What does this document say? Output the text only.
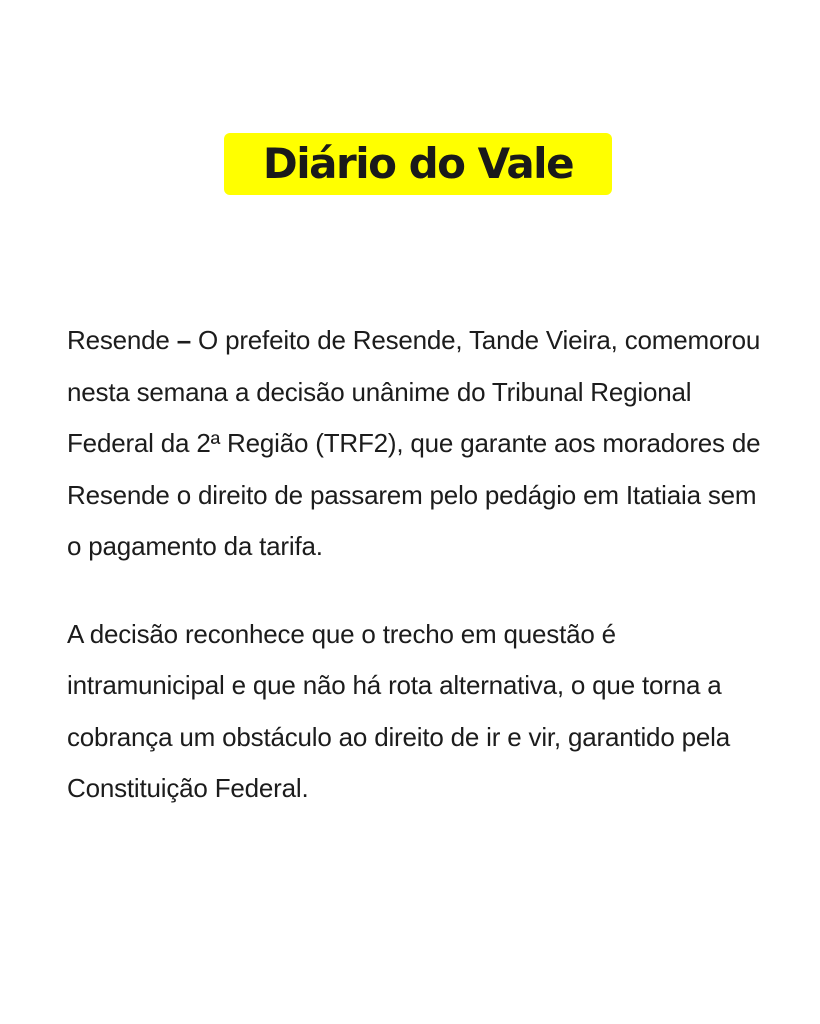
Diário do Vale

Resende – O prefeito de Resende, Tande Vieira, comemorou nesta semana a decisão unânime do Tribunal Regional Federal da 2ª Região (TRF2), que garante aos moradores de Resende o direito de passarem pelo pedágio em Itatiaia sem o pagamento da tarifa.

A decisão reconhece que o trecho em questão é intramunicipal e que não há rota alternativa, o que torna a cobrança um obstáculo ao direito de ir e vir, garantido pela Constituição Federal.
